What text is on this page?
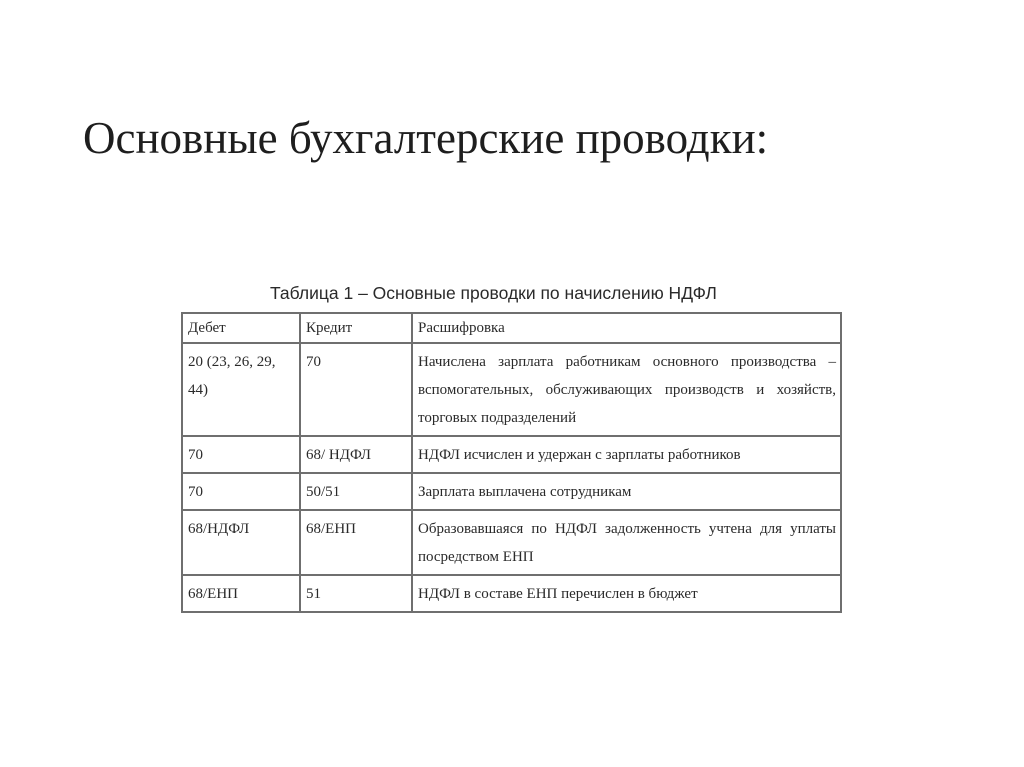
Основные бухгалтерские проводки:
Таблица 1 – Основные проводки по начислению НДФЛ
Дебет	Кредит	Расшифровка
20 (23, 26, 29, 44)	70	Начислена зарплата работникам основного производства – вспомогательных, обслуживающих производств и хозяйств, торговых подразделений
70	68/ НДФЛ	НДФЛ исчислен и удержан с зарплаты работников
70	50/51	Зарплата выплачена сотрудникам
68/НДФЛ	68/ЕНП	Образовавшаяся по НДФЛ задолженность учтена для уплаты посредством ЕНП
68/ЕНП	51	НДФЛ в составе ЕНП перечислен в бюджет
